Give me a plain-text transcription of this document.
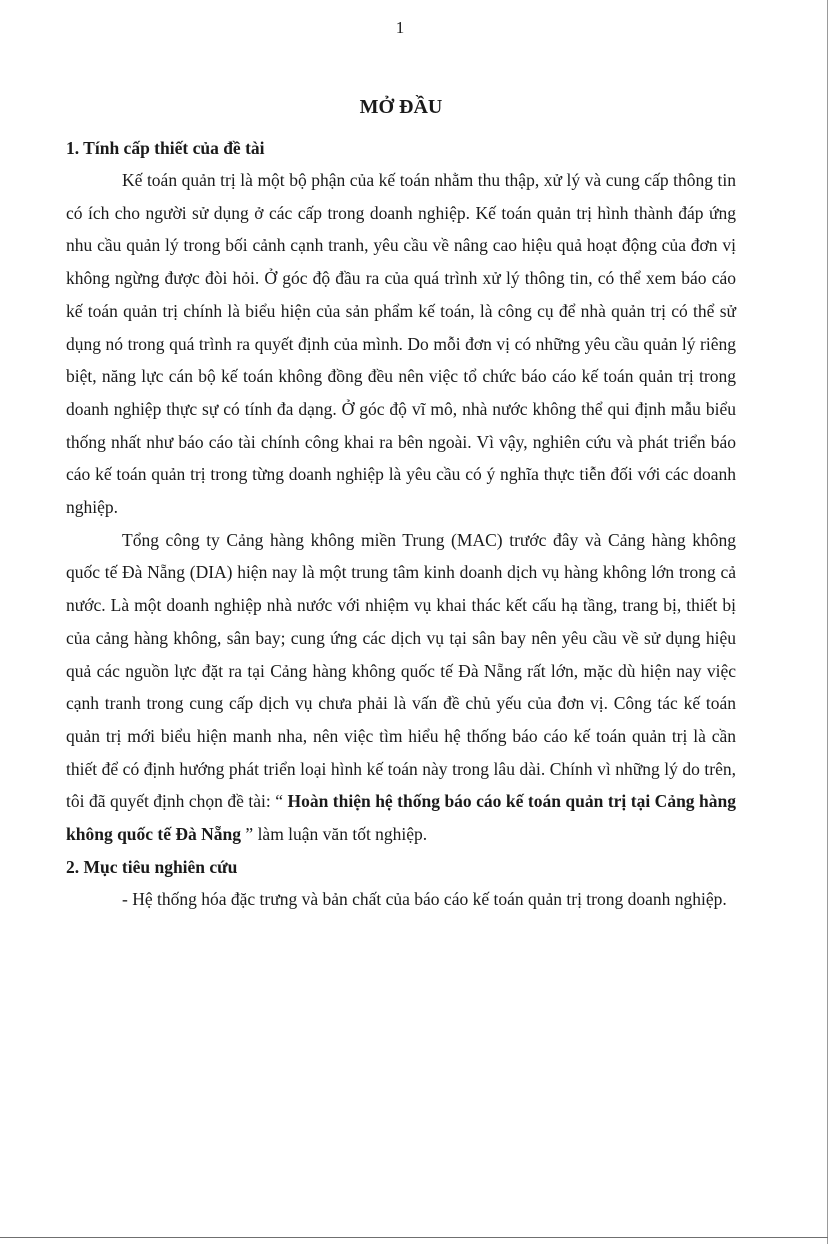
1
MỞ ĐẦU
1. Tính cấp thiết của đề tài

Kế toán quản trị là một bộ phận của kế toán nhằm thu thập, xử lý và cung cấp thông tin có ích cho người sử dụng ở các cấp trong doanh nghiệp. Kế toán quản trị hình thành đáp ứng nhu cầu quản lý trong bối cảnh cạnh tranh, yêu cầu về nâng cao hiệu quả hoạt động của đơn vị không ngừng được đòi hỏi. Ở góc độ đầu ra của quá trình xử lý thông tin, có thể xem báo cáo kế toán quản trị chính là biểu hiện của sản phẩm kế toán, là công cụ để nhà quản trị có thể sử dụng nó trong quá trình ra quyết định của mình. Do mỗi đơn vị có những yêu cầu quản lý riêng biệt, năng lực cán bộ kế toán không đồng đều nên việc tổ chức báo cáo kế toán quản trị trong doanh nghiệp thực sự có tính đa dạng. Ở góc độ vĩ mô, nhà nước không thể qui định mẫu biểu thống nhất như báo cáo tài chính công khai ra bên ngoài. Vì vậy, nghiên cứu và phát triển báo cáo kế toán quản trị trong từng doanh nghiệp là yêu cầu có ý nghĩa thực tiễn đối với các doanh nghiệp.

Tổng công ty Cảng hàng không miền Trung (MAC) trước đây và Cảng hàng không quốc tế Đà Nẵng (DIA) hiện nay là một trung tâm kinh doanh dịch vụ hàng không lớn trong cả nước. Là một doanh nghiệp nhà nước với nhiệm vụ khai thác kết cấu hạ tầng, trang bị, thiết bị của cảng hàng không, sân bay; cung ứng các dịch vụ tại sân bay nên yêu cầu về sử dụng hiệu quả các nguồn lực đặt ra tại Cảng hàng không quốc tế Đà Nẵng rất lớn, mặc dù hiện nay việc cạnh tranh trong cung cấp dịch vụ chưa phải là vấn đề chủ yếu của đơn vị. Công tác kế toán quản trị mới biểu hiện manh nha, nên việc tìm hiểu hệ thống báo cáo kế toán quản trị là cần thiết để có định hướng phát triển loại hình kế toán này trong lâu dài. Chính vì những lý do trên, tôi đã quyết định chọn đề tài: “ Hoàn thiện hệ thống báo cáo kế toán quản trị tại Cảng hàng không quốc tế Đà Nẵng ” làm luận văn tốt nghiệp.

2. Mục tiêu nghiên cứu

- Hệ thống hóa đặc trưng và bản chất của báo cáo kế toán quản trị trong doanh nghiệp.
